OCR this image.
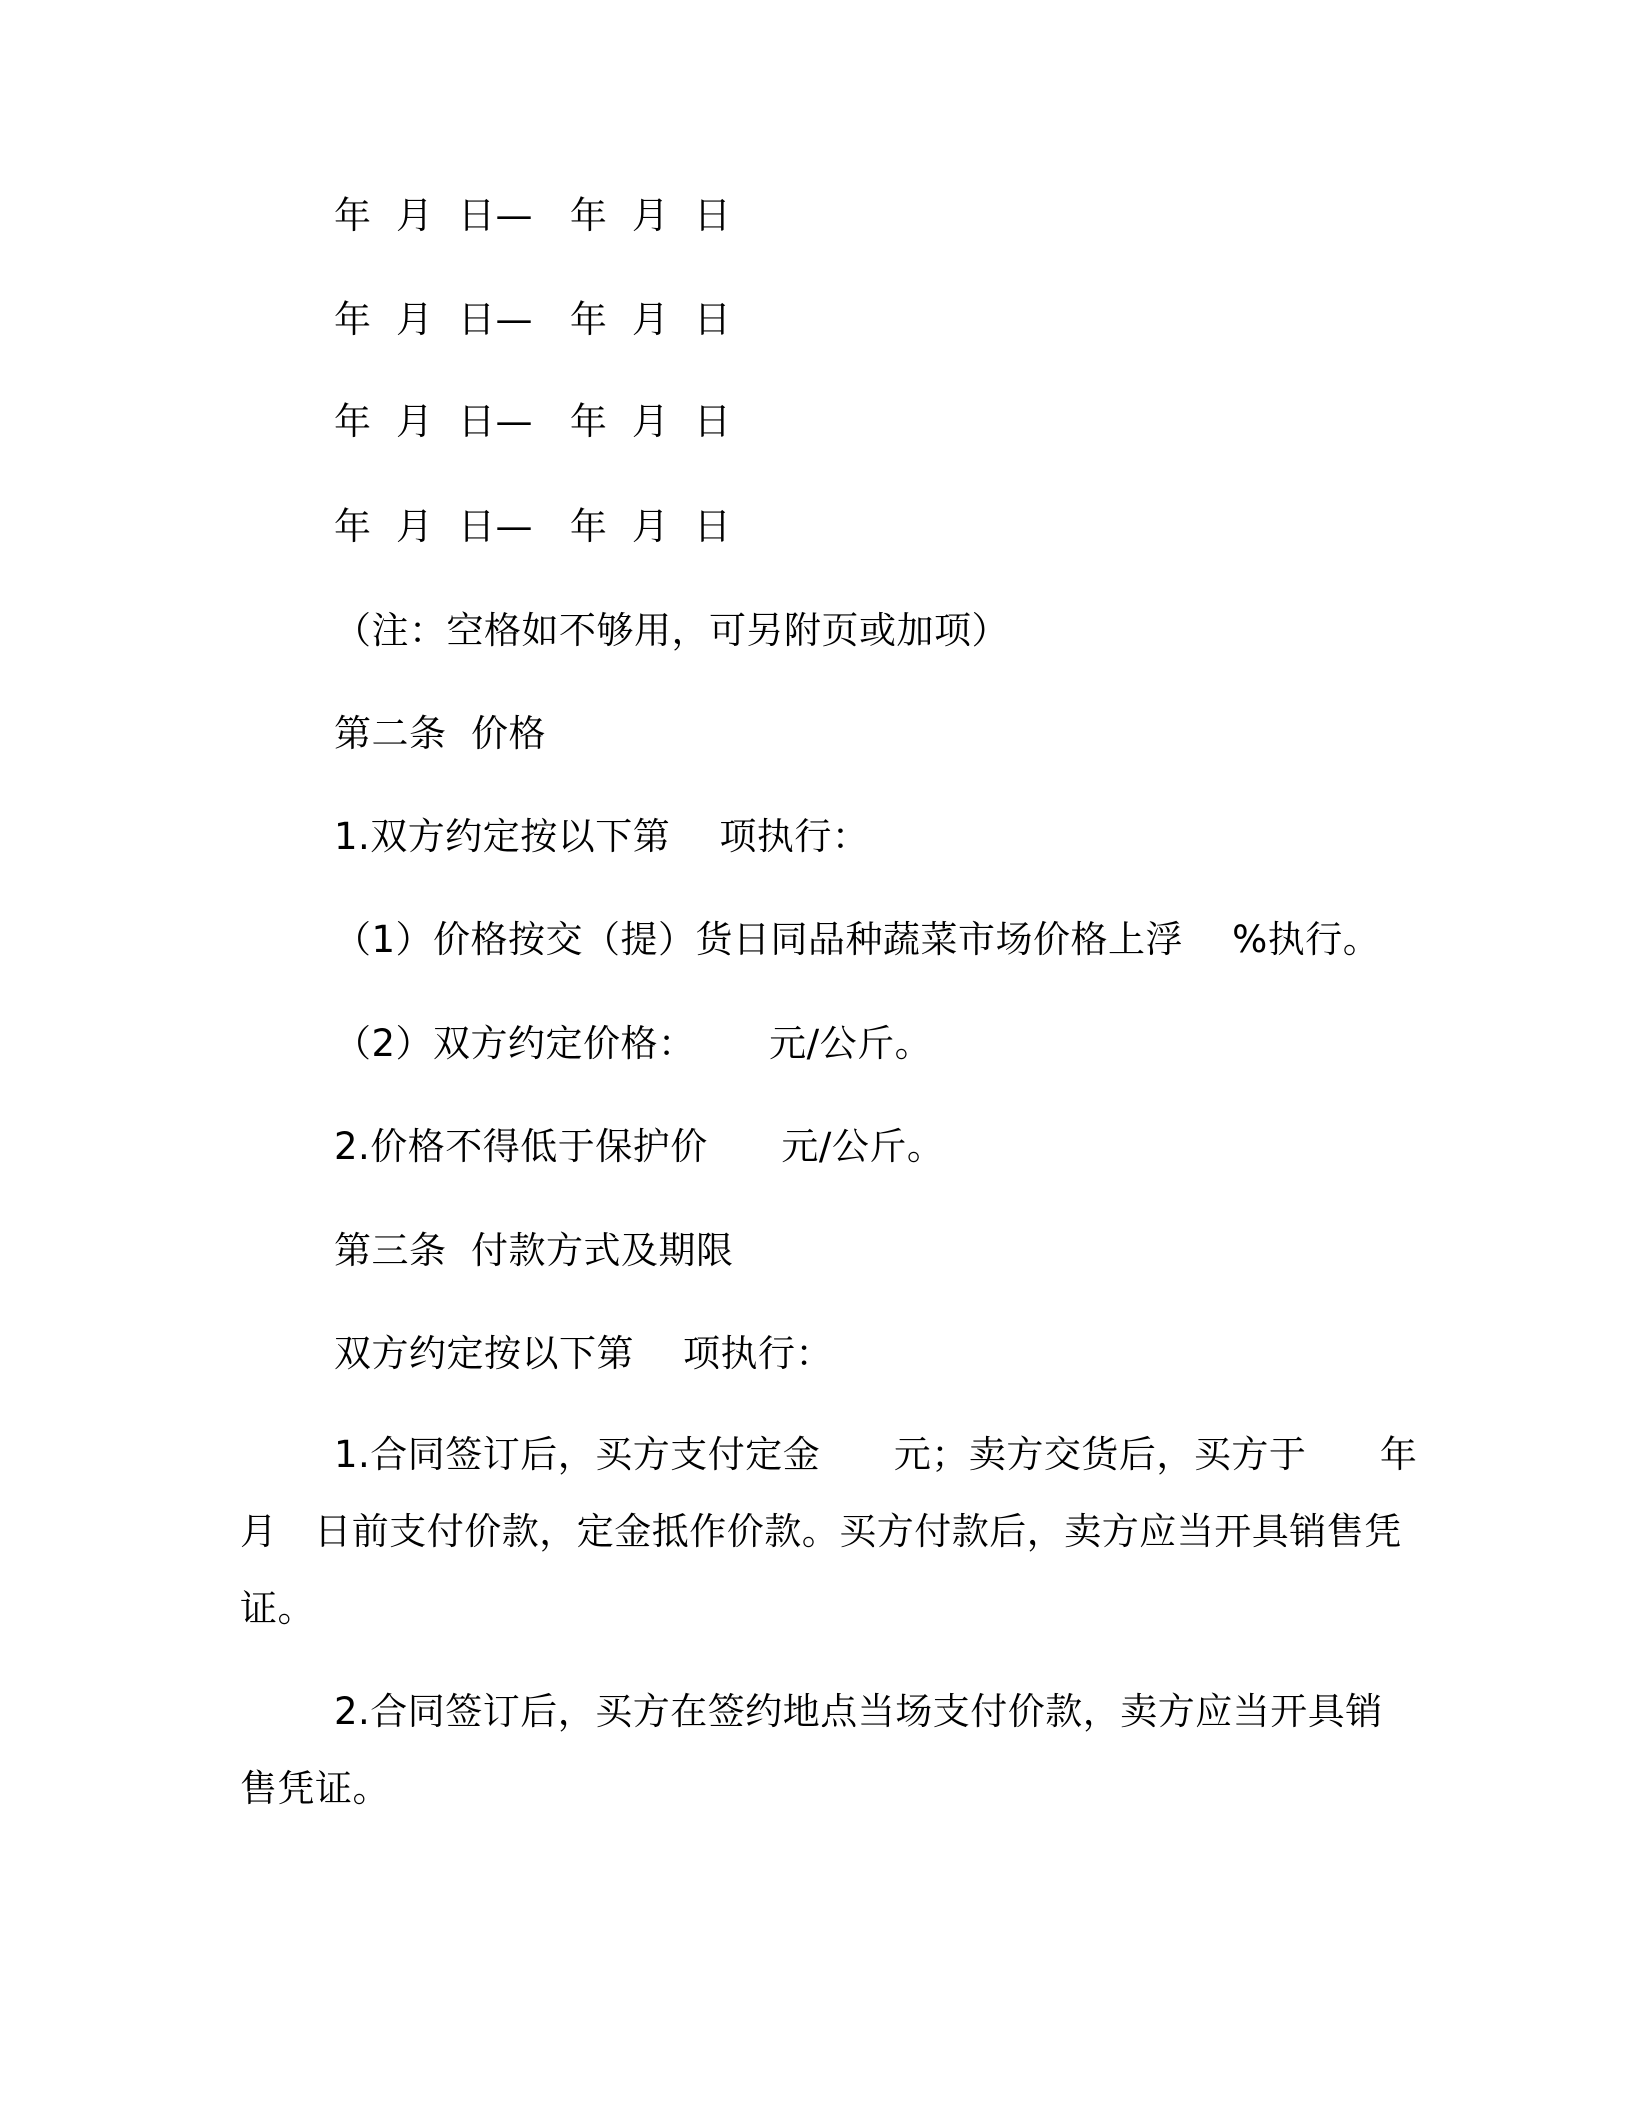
年  月  日—   年  月  日
年  月  日—   年  月  日
年  月  日—   年  月  日
年  月  日—   年  月  日
（注：空格如不够用，可另附页或加项）
第二条  价格
1.双方约定按以下第    项执行：
（1）价格按交（提）货日同品种蔬菜市场价格上浮    %执行。
（2）双方约定价格：      元/公斤。
2.价格不得低于保护价      元/公斤。
第三条  付款方式及期限
双方约定按以下第    项执行：
1.合同签订后，买方支付定金      元；卖方交货后，买方于      年
月   日前支付价款，定金抵作价款。买方付款后，卖方应当开具销售凭
证。
2.合同签订后，买方在签约地点当场支付价款，卖方应当开具销
售凭证。
